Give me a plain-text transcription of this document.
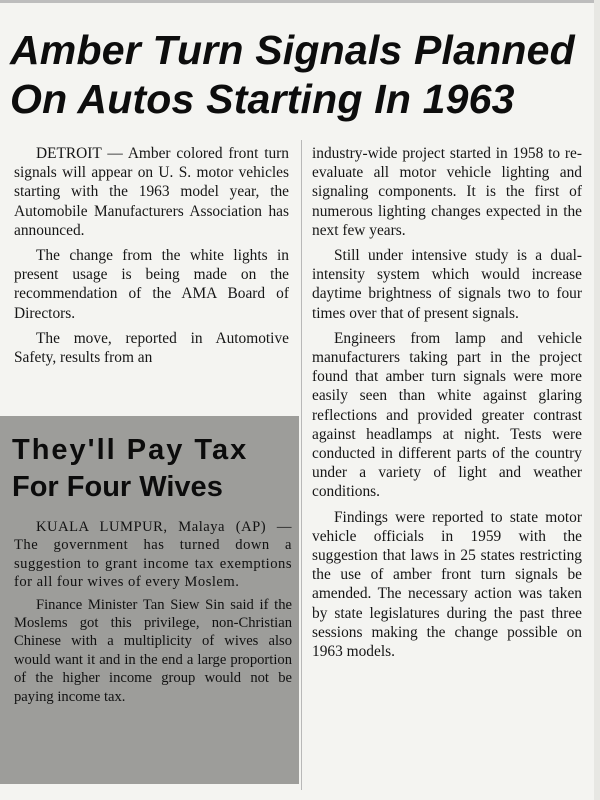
Amber Turn Signals Planned
On Autos Starting In 1963

DETROIT — Amber colored front turn signals will appear on U. S. motor vehicles starting with the 1963 model year, the Automobile Manufacturers Association has announced.

The change from the white lights in present usage is being made on the recommendation of the AMA Board of Directors.

The move, reported in Automotive Safety, results from an

industry-wide project started in 1958 to re-evaluate all motor vehicle lighting and signaling components. It is the first of numerous lighting changes expected in the next few years.

Still under intensive study is a dual-intensity system which would increase daytime brightness of signals two to four times over that of present signals.

Engineers from lamp and vehicle manufacturers taking part in the project found that amber turn signals were more easily seen than white against glaring reflections and provided greater contrast against headlamps at night. Tests were conducted in different parts of the country under a variety of light and weather conditions.

Findings were reported to state motor vehicle officials in 1959 with the suggestion that laws in 25 states restricting the use of amber front turn signals be amended. The necessary action was taken by state legislatures during the past three sessions making the change possible on 1963 models.

They'll Pay Tax
For Four Wives

KUALA LUMPUR, Malaya (AP) — The government has turned down a suggestion to grant income tax exemptions for all four wives of every Moslem.

Finance Minister Tan Siew Sin said if the Moslems got this privilege, non-Christian Chinese with a multiplicity of wives also would want it and in the end a large proportion of the higher income group would not be paying income tax.
